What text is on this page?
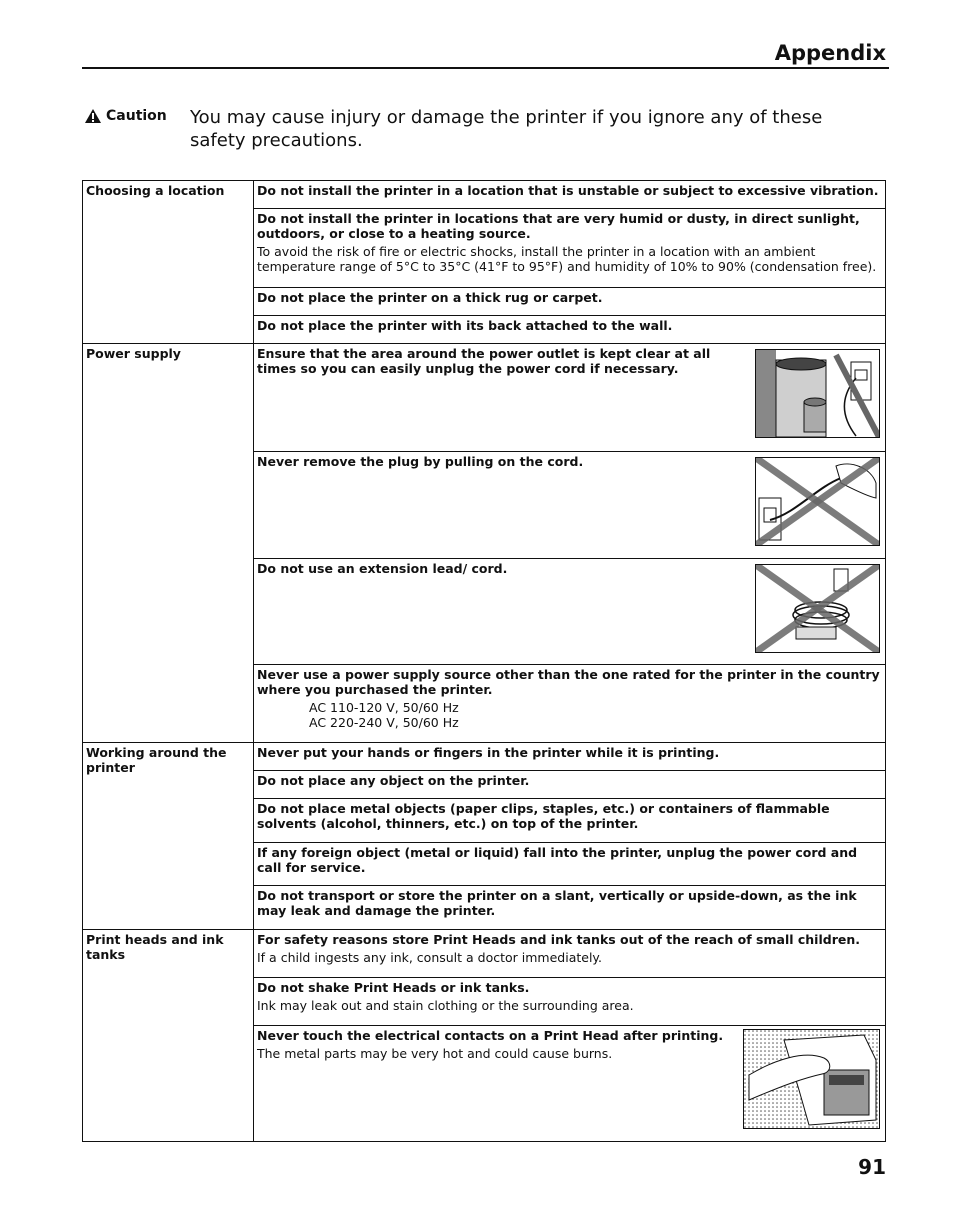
Appendix
Caution You may cause injury or damage the printer if you ignore any of these safety precautions.
Choosing a location	Do not install the printer in a location that is unstable or subject to excessive vibration.

	Do not install the printer in locations that are very humid or dusty, in direct sunlight, outdoors, or close to a heating source.
To avoid the risk of fire or electric shocks, install the printer in a location with an ambient temperature range of 5°C to 35°C (41°F to 95°F) and humidity of 10% to 90% (condensation free).

	Do not place the printer on a thick rug or carpet.
	Do not place the printer with its back attached to the wall.
Power supply	Ensure that the area around the power outlet is kept clear at all times so you can easily unplug the power cord if necessary.

	Never remove the plug by pulling on the cord.

	Do not use an extension lead/ cord.

	Never use a power supply source other than the one rated for the printer in the country where you purchased the printer.
AC 110-120 V, 50/60 Hz
AC 220-240 V, 50/60 Hz

Working around the printer	Never put your hands or fingers in the printer while it is printing.
	Do not place any object on the printer.
	Do not place metal objects (paper clips, staples, etc.) or containers of flammable solvents (alcohol, thinners, etc.) on top of the printer.
	If any foreign object (metal or liquid) fall into the printer, unplug the power cord and call for service.
	Do not transport or store the printer on a slant, vertically or upside-down, as the ink may leak and damage the printer.
Print heads and ink tanks	For safety reasons store Print Heads and ink tanks out of the reach of small children.
If a child ingests any ink, consult a doctor immediately.

	Do not shake Print Heads or ink tanks.
Ink may leak out and stain clothing or the surrounding area.

	Never touch the electrical contacts on a Print Head after printing.
The metal parts may be very hot and could cause burns.
91
